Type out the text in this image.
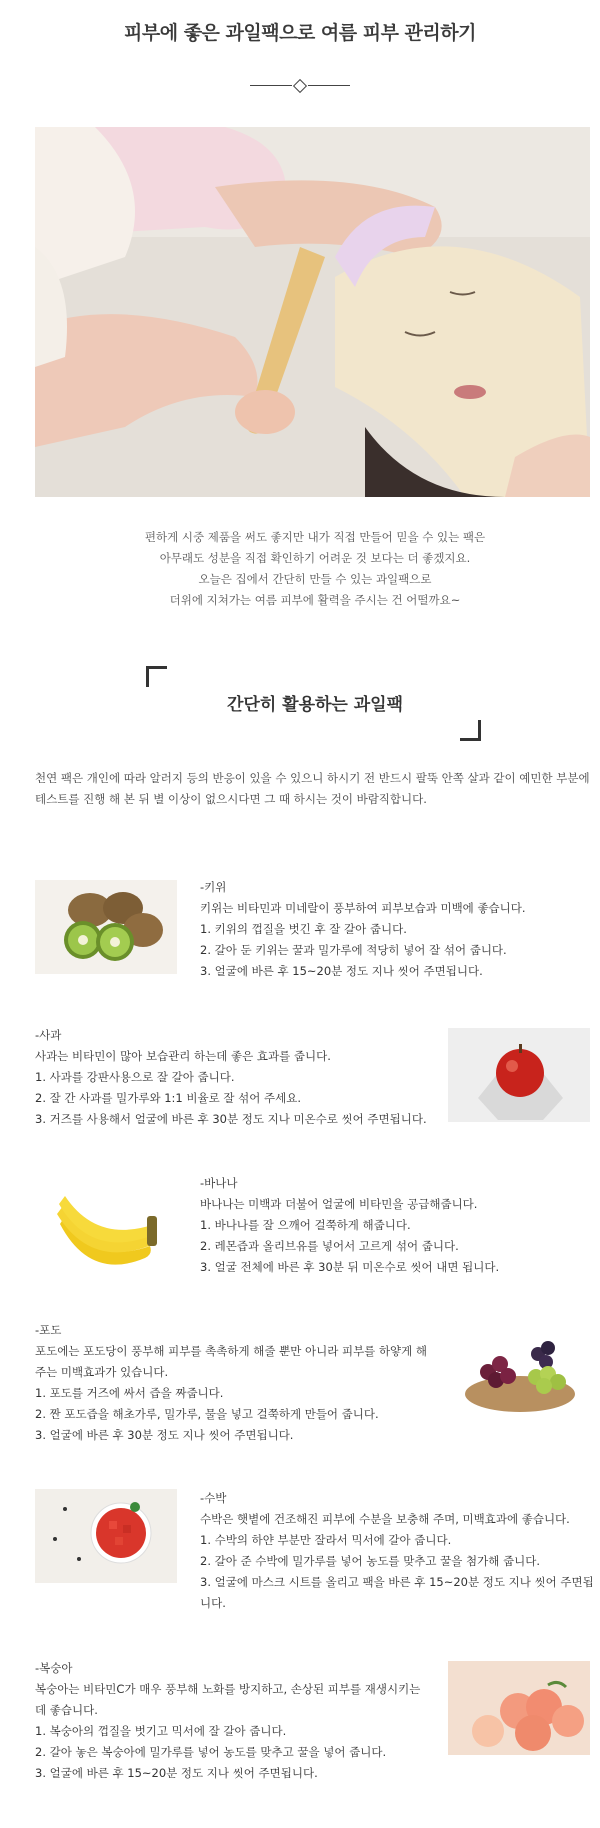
피부에 좋은 과일팩으로 여름 피부 관리하기

편하게 시중 제품을 써도 좋지만 내가 직접 만들어 믿을 수 있는 팩은

아무래도 성분을 직접 확인하기 어려운 것 보다는 더 좋겠지요.

오늘은 집에서 간단히 만들 수 있는 과일팩으로

더위에 지쳐가는 여름 피부에 활력을 주시는 건 어떨까요~

간단히 활용하는 과일팩

천연 팩은 개인에 따라 알러지 등의 반응이 있을 수 있으니 하시기 전 반드시 팔뚝 안쪽 살과 같이 예민한 부분에 테스트를 진행 해 본 뒤 별 이상이 없으시다면 그 때 하시는 것이 바람직합니다.

-키위

키위는 비타민과 미네랄이 풍부하여 피부보습과 미백에 좋습니다.

1. 키위의 껍질을 벗긴 후 잘 갈아 줍니다.

2. 갈아 둔 키위는 꿀과 밀가루에 적당히 넣어 잘 섞어 줍니다.

3. 얼굴에 바른 후 15~20분 정도 지나 씻어 주면됩니다.

-사과

사과는 비타민이 많아 보습관리 하는데 좋은 효과를 줍니다.

1. 사과를 강판사용으로 잘 갈아 줍니다.

2. 잘 간 사과를 밀가루와 1:1 비율로 잘 섞어 주세요.

3. 거즈를 사용해서 얼굴에 바른 후 30분 정도 지나 미온수로 씻어 주면됩니다.

-바나나

바나나는 미백과 더불어 얼굴에 비타민을 공급해줍니다.

1. 바나나를 잘 으깨어 걸쭉하게 해줍니다.

2. 레몬즙과 올리브유를 넣어서 고르게 섞어 줍니다.

3. 얼굴 전체에 바른 후 30분 뒤 미온수로 씻어 내면 됩니다.

-포도

포도에는 포도당이 풍부해 피부를 촉촉하게 해줄 뿐만 아니라 피부를 하얗게 해주는 미백효과가 있습니다.

1. 포도를 거즈에 싸서 즙을 짜줍니다.

2. 짠 포도즙을 해초가루, 밀가루, 물을 넣고 걸쭉하게 만들어 줍니다.

3. 얼굴에 바른 후 30분 정도 지나 씻어 주면됩니다.

-수박

수박은 햇볕에 건조해진 피부에 수분을 보충해 주며, 미백효과에 좋습니다.

1. 수박의 하얀 부분만 잘라서 믹서에 갈아 줍니다.

2. 갈아 준 수박에 밀가루를 넣어 농도를 맞추고 꿀을 첨가해 줍니다.

3. 얼굴에 마스크 시트를 올리고 팩을 바른 후 15~20분 정도 지나 씻어 주면됩니다.

-복숭아

복숭아는 비타민C가 매우 풍부해 노화를 방지하고, 손상된 피부를 재생시키는데 좋습니다.

1. 복숭아의 껍질을 벗기고 믹서에 잘 갈아 줍니다.

2. 갈아 놓은 복숭아에 밀가루를 넣어 농도를 맞추고 꿀을 넣어 줍니다.

3. 얼굴에 바른 후 15~20분 정도 지나 씻어 주면됩니다.
